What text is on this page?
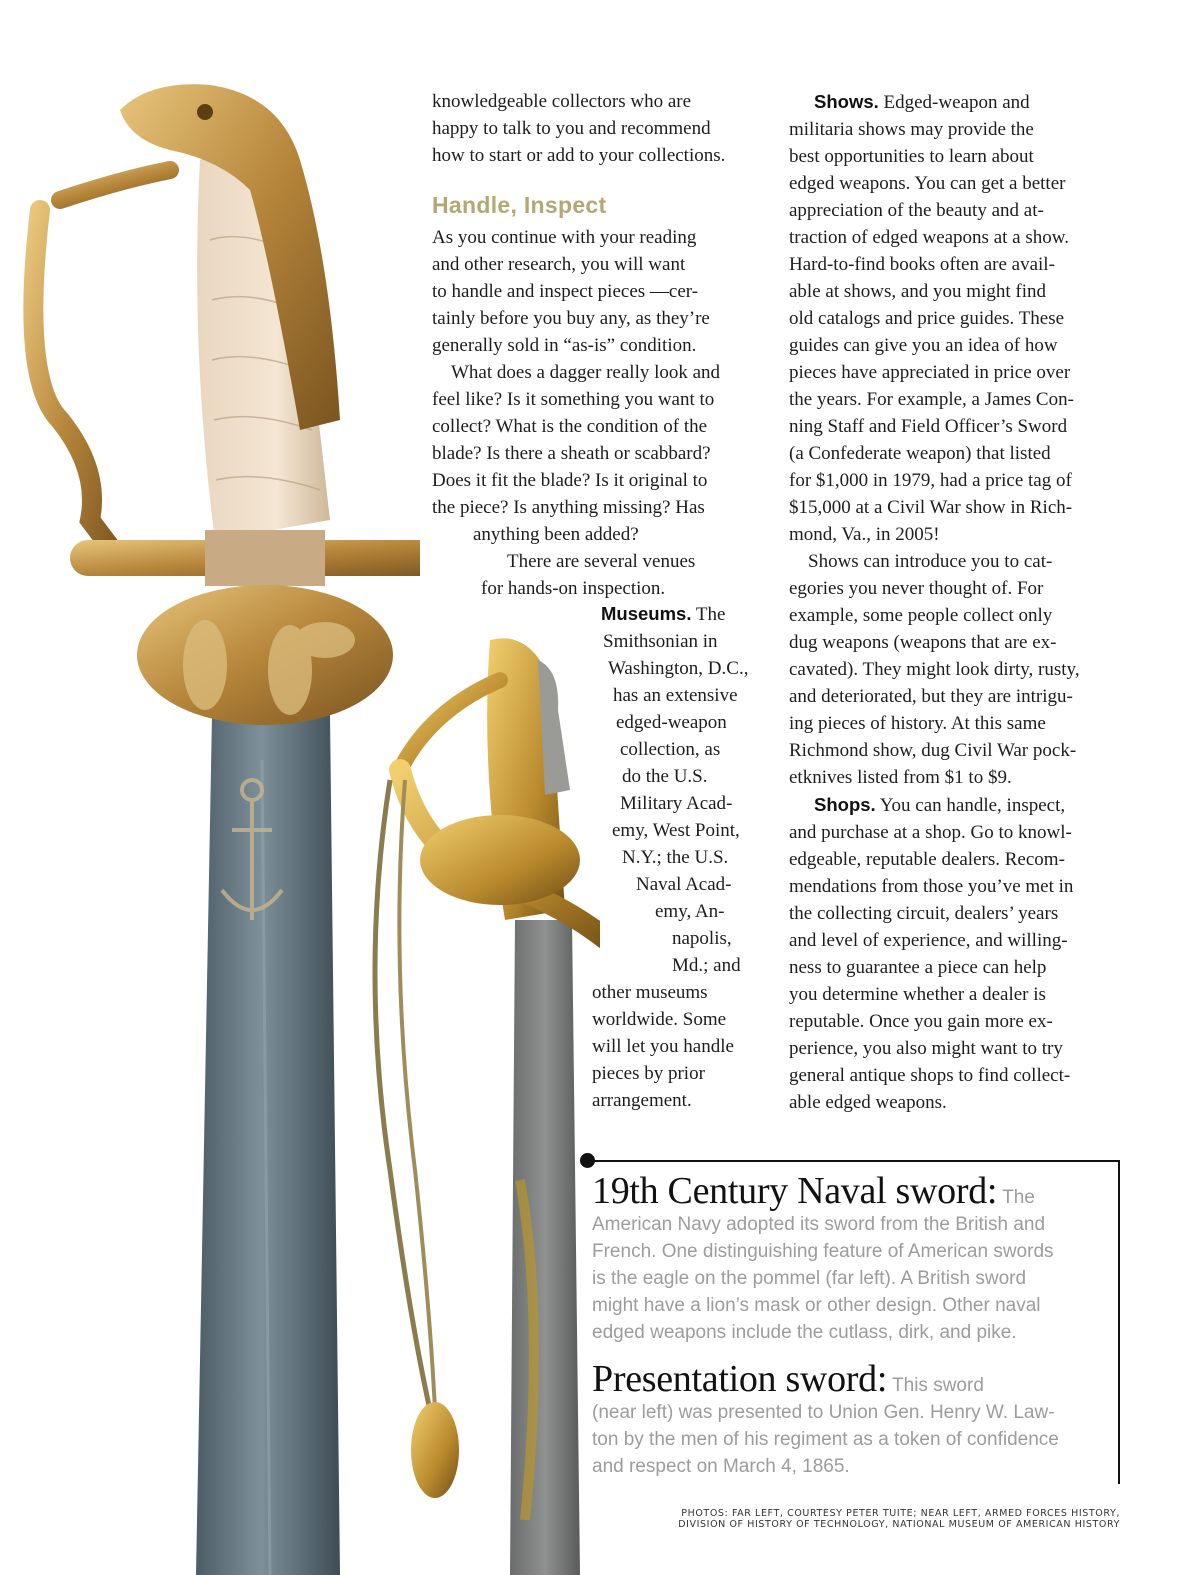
knowledgeable collectors who are
happy to talk to you and recommend
how to start or add to your collections.
Handle, Inspect
As you continue with your reading
and other research, you will want
to handle and inspect pieces —cer-
tainly before you buy any, as they’re
generally sold in “as-is” condition.
 What does a dagger really look and
feel like? Is it something you want to
collect? What is the condition of the
blade? Is there a sheath or scabbard?
Does it fit the blade? Is it original to
the piece? Is anything missing? Has
anything been added?
There are several venues
for hands-on inspection.
Museums. The
Smithsonian in
Washington, D.C.,
has an extensive
edged-weapon
collection, as
do the U.S.
Military Acad-
emy, West Point,
N.Y.; the U.S.
Naval Acad-
emy, An-
napolis,
Md.; and
other museums
worldwide. Some
will let you handle
pieces by prior
arrangement.
Shows. Edged-weapon and
militaria shows may provide the
best opportunities to learn about
edged weapons. You can get a better
appreciation of the beauty and at-
traction of edged weapons at a show.
Hard-to-find books often are avail-
able at shows, and you might find
old catalogs and price guides. These
guides can give you an idea of how
pieces have appreciated in price over
the years. For example, a James Con-
ning Staff and Field Officer’s Sword
(a Confederate weapon) that listed
for $1,000 in 1979, had a price tag of
$15,000 at a Civil War show in Rich-
mond, Va., in 2005!
 Shows can introduce you to cat-
egories you never thought of. For
example, some people collect only
dug weapons (weapons that are ex-
cavated). They might look dirty, rusty,
and deteriorated, but they are intrigu-
ing pieces of history. At this same
Richmond show, dug Civil War pock-
etknives listed from $1 to $9.
Shops. You can handle, inspect,
and purchase at a shop. Go to knowl-
edgeable, reputable dealers. Recom-
mendations from those you’ve met in
the collecting circuit, dealers’ years
and level of experience, and willing-
ness to guarantee a piece can help
you determine whether a dealer is
reputable. Once you gain more ex-
perience, you also might want to try
general antique shops to find collect-
able edged weapons.
19th Century Naval sword: The
American Navy adopted its sword from the British and
French. One distinguishing feature of American swords
is the eagle on the pommel (far left). A British sword
might have a lion’s mask or other design. Other naval
edged weapons include the cutlass, dirk, and pike.
Presentation sword: This sword
(near left) was presented to Union Gen. Henry W. Law-
ton by the men of his regiment as a token of confidence
and respect on March 4, 1865.
PHOTOS: FAR LEFT, COURTESY PETER TUITE; NEAR LEFT, ARMED FORCES HISTORY,
DIVISION OF HISTORY OF TECHNOLOGY, NATIONAL MUSEUM OF AMERICAN HISTORY
